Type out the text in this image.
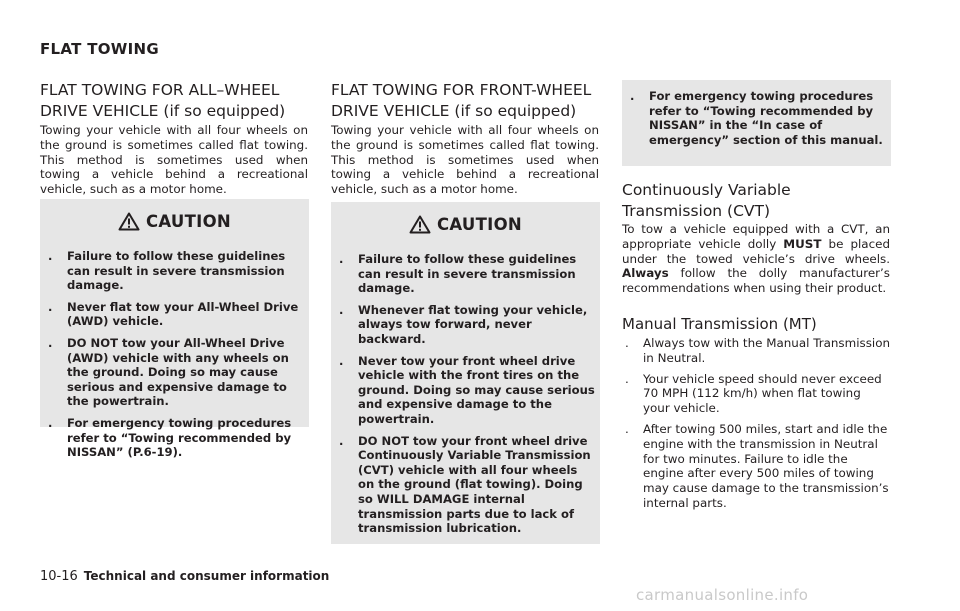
FLAT TOWING
FLAT TOWING FOR ALL–WHEEL DRIVE VEHICLE (if so equipped)
Towing your vehicle with all four wheels on the ground is sometimes called flat towing. This method is sometimes used when towing a vehicle behind a recreational vehicle, such as a motor home.
CAUTION
. Failure to follow these guidelines can result in severe transmission damage.
. Never flat tow your All-Wheel Drive (AWD) vehicle.
. DO NOT tow your All-Wheel Drive (AWD) vehicle with any wheels on the ground. Doing so may cause serious and expensive damage to the powertrain.
. For emergency towing procedures refer to “Towing recommended by NISSAN” (P.6-19).
FLAT TOWING FOR FRONT-WHEEL DRIVE VEHICLE (if so equipped)
Towing your vehicle with all four wheels on the ground is sometimes called flat towing. This method is sometimes used when towing a vehicle behind a recreational vehicle, such as a motor home.
CAUTION
. Failure to follow these guidelines can result in severe transmission damage.
. Whenever flat towing your vehicle, always tow forward, never backward.
. Never tow your front wheel drive vehicle with the front tires on the ground. Doing so may cause serious and expensive damage to the powertrain.
. DO NOT tow your front wheel drive Continuously Variable Transmission (CVT) vehicle with all four wheels on the ground (flat towing). Doing so WILL DAMAGE internal transmission parts due to lack of transmission lubrication.
. For emergency towing procedures refer to “Towing recommended by NISSAN” in the “In case of emergency” section of this manual.
Continuously Variable Transmission (CVT)
To tow a vehicle equipped with a CVT, an appropriate vehicle dolly MUST be placed under the towed vehicle’s drive wheels. Always follow the dolly manufacturer’s recommendations when using their product.
Manual Transmission (MT)
. Always tow with the Manual Transmission in Neutral.
. Your vehicle speed should never exceed 70 MPH (112 km/h) when flat towing your vehicle.
. After towing 500 miles, start and idle the engine with the transmission in Neutral for two minutes. Failure to idle the engine after every 500 miles of towing may cause damage to the transmission’s internal parts.
10-16 Technical and consumer information
carmanualsonline.info
